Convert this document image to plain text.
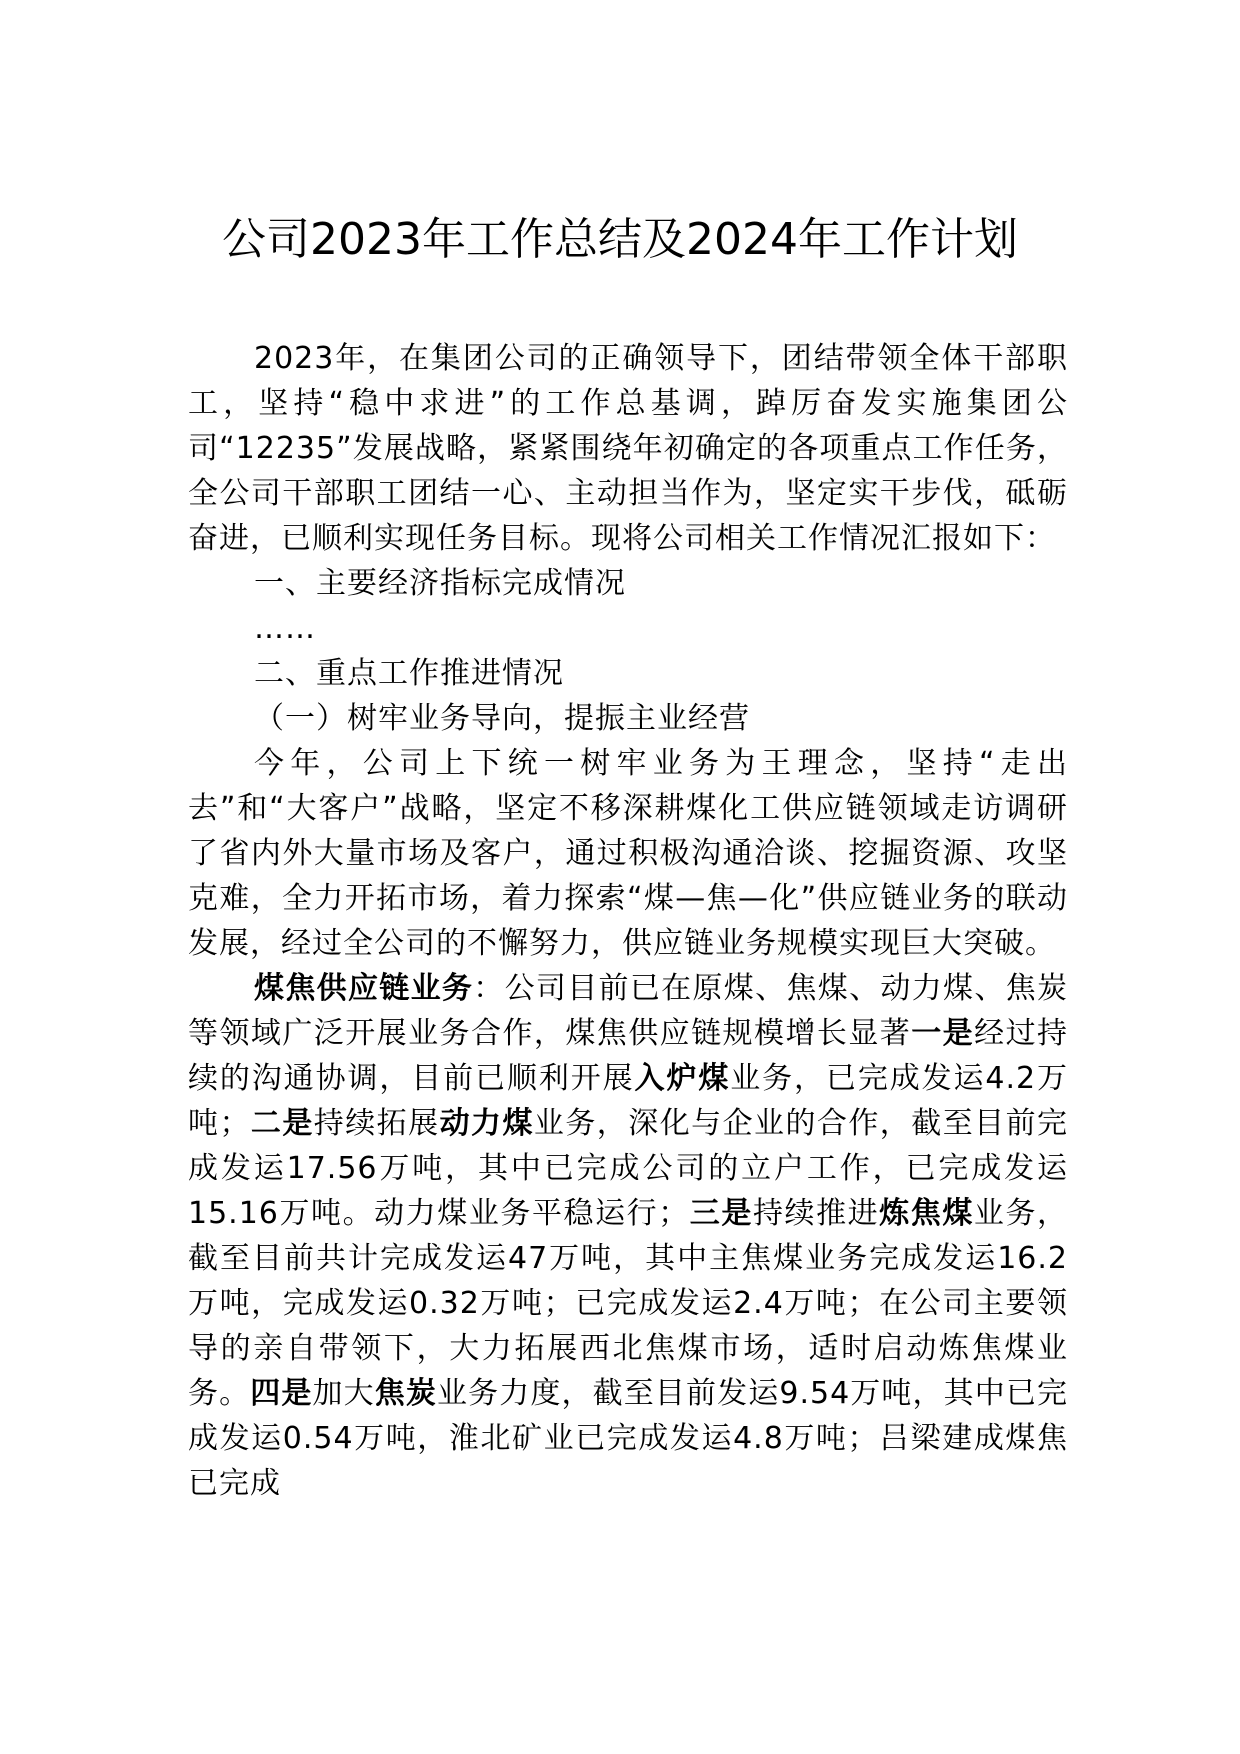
公司2023年工作总结及2024年工作计划

2023年，在集团公司的正确领导下，团结带领全体干部职工，坚持“稳中求进”的工作总基调，踔厉奋发实施集团公司“12235”发展战略，紧紧围绕年初确定的各项重点工作任务，全公司干部职工团结一心、主动担当作为，坚定实干步伐，砥砺奋进，已顺利实现任务目标。现将公司相关工作情况汇报如下：

一、主要经济指标完成情况

……

二、重点工作推进情况

（一）树牢业务导向，提振主业经营

今年，公司上下统一树牢业务为王理念，坚持“走出去”和“大客户”战略，坚定不移深耕煤化工供应链领域走访调研了省内外大量市场及客户，通过积极沟通洽谈、挖掘资源、攻坚克难，全力开拓市场，着力探索“煤—焦—化”供应链业务的联动发展，经过全公司的不懈努力，供应链业务规模实现巨大突破。

煤焦供应链业务：公司目前已在原煤、焦煤、动力煤、焦炭等领域广泛开展业务合作，煤焦供应链规模增长显著一是经过持续的沟通协调，目前已顺利开展入炉煤业务，已完成发运4.2万吨；二是持续拓展动力煤业务，深化与企业的合作，截至目前完成发运17.56万吨，其中已完成公司的立户工作，已完成发运15.16万吨。动力煤业务平稳运行；三是持续推进炼焦煤业务，截至目前共计完成发运47万吨，其中主焦煤业务完成发运16.2万吨，完成发运0.32万吨；已完成发运2.4万吨；在公司主要领导的亲自带领下，大力拓展西北焦煤市场，适时启动炼焦煤业务。四是加大焦炭业务力度，截至目前发运9.54万吨，其中已完成发运0.54万吨，淮北矿业已完成发运4.8万吨；吕梁建成煤焦已完成
